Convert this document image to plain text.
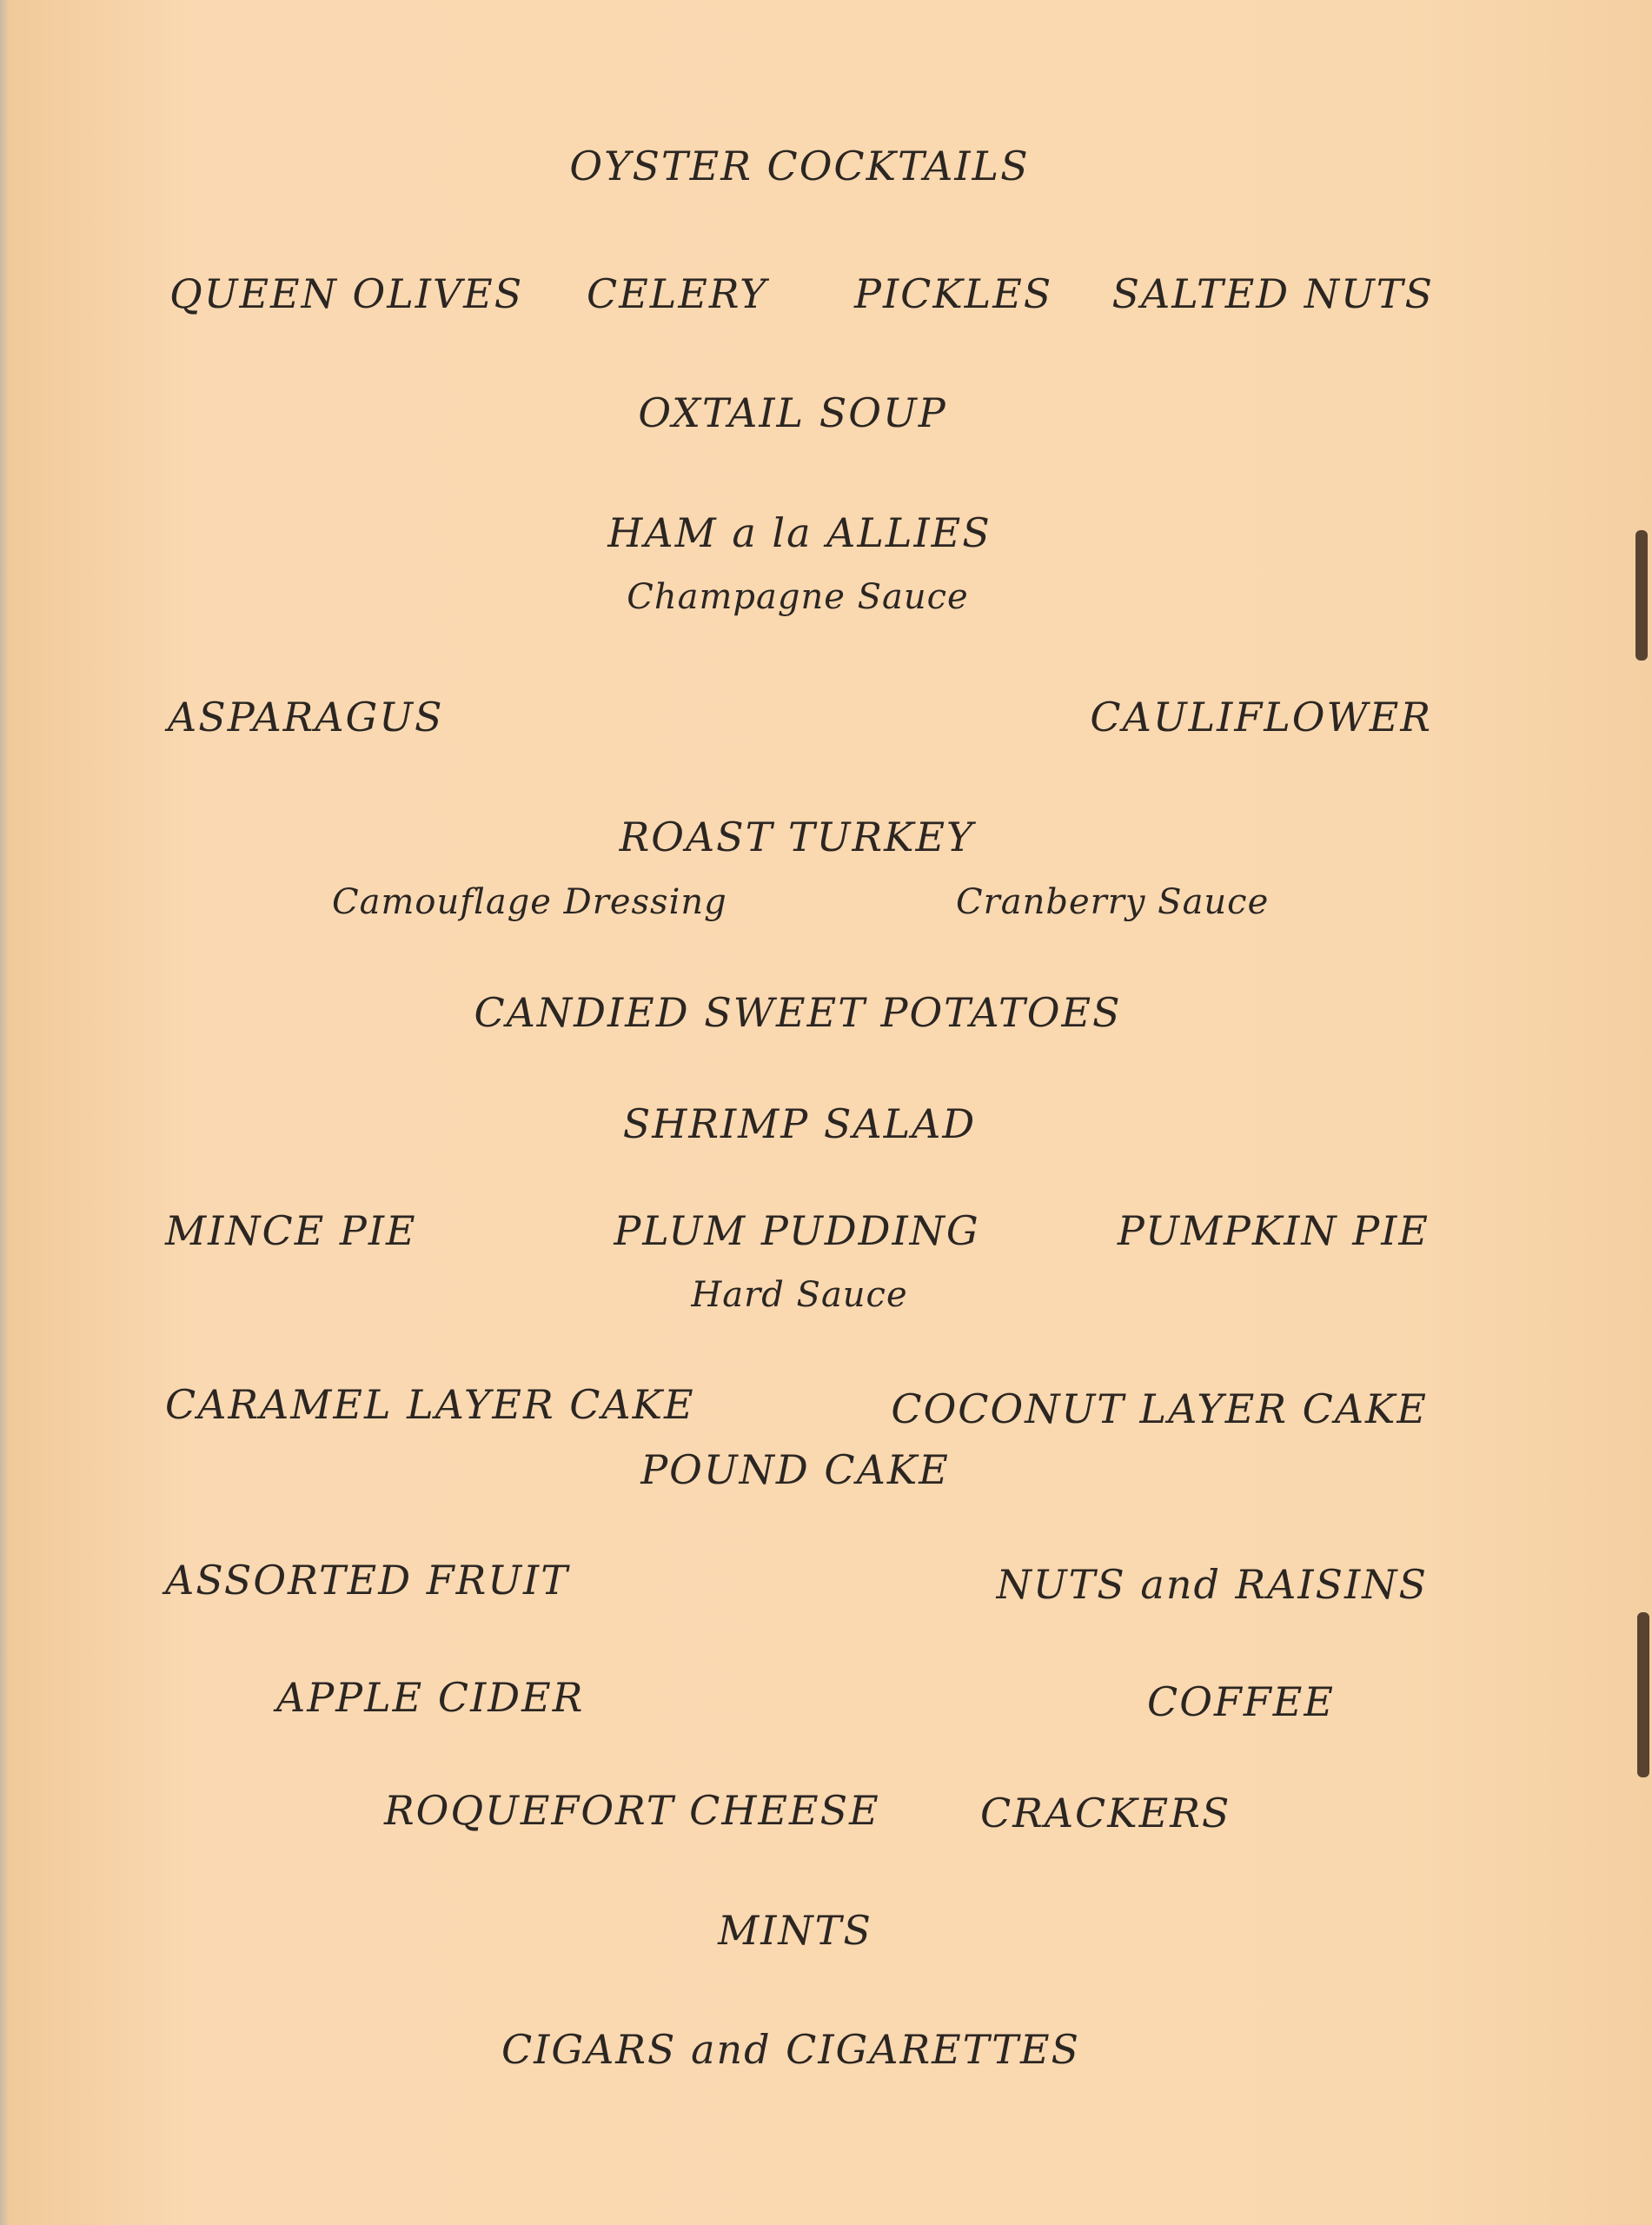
OYSTER COCKTAILS
QUEEN OLIVES CELERY PICKLES SALTED NUTS
OXTAIL SOUP
HAM a la ALLIES
Champagne Sauce
ASPARAGUS	CAULIFLOWER
ROAST TURKEY
Camouflage Dressing	Cranberry Sauce
CANDIED SWEET POTATOES
SHRIMP SALAD
MINCE PIE	PLUM PUDDING	PUMPKIN PIE
Hard Sauce
CARAMEL LAYER CAKE	COCONUT LAYER CAKE
POUND CAKE
ASSORTED FRUIT	NUTS and RAISINS
APPLE CIDER	COFFEE
ROQUEFORT CHEESE	CRACKERS
MINTS
CIGARS and CIGARETTES
